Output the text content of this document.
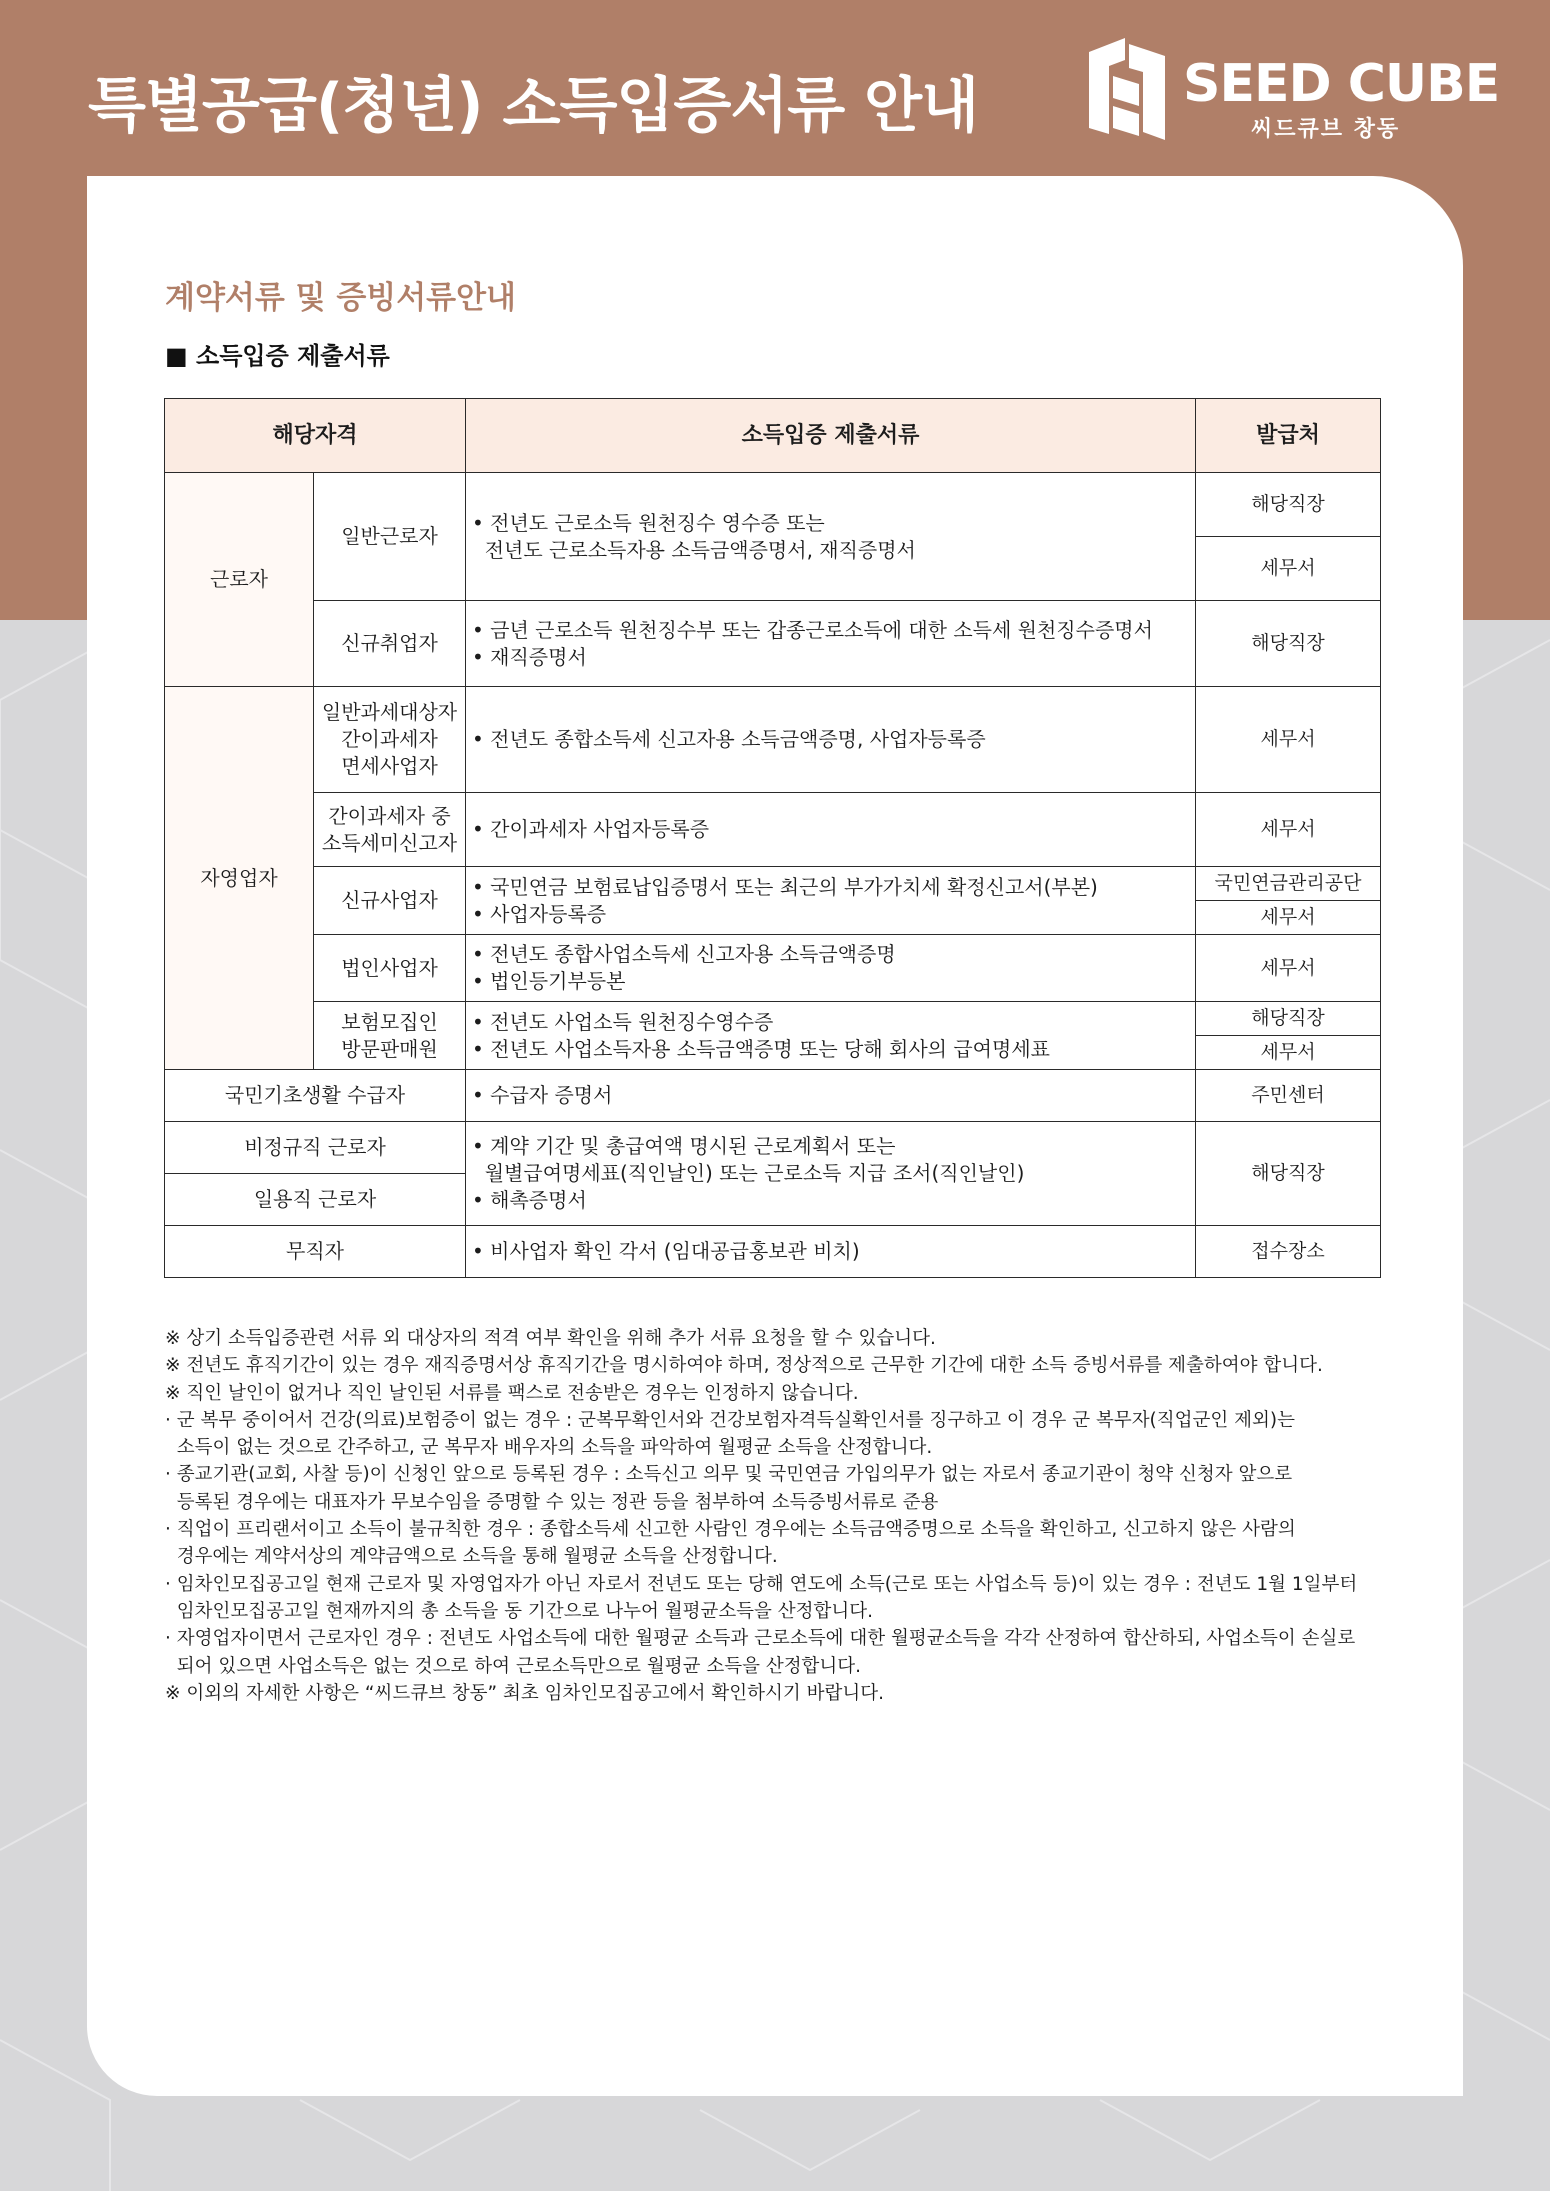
특별공급(청년) 소득입증서류 안내	SEED CUBE
씨드큐브 창동
계약서류 및 증빙서류안내
■ 소득입증 제출서류
해당자격		소득입증 제출서류	발급처
근로자	일반근로자	• 전년도 근로소득 원천징수 영수증 또는
전년도 근로소득자용 소득금액증명서, 재직증명서	해당직장
			세무서
	신규취업자	• 금년 근로소득 원천징수부 또는 갑종근로소득에 대한 소득세 원천징수증명서
• 재직증명서	해당직장
자영업자	일반과세대상자
간이과세자
면세사업자	• 전년도 종합소득세 신고자용 소득금액증명, 사업자등록증	세무서

	간이과세자 중
소득세미신고자	• 간이과세자 사업자등록증	세무서
	신규사업자	• 국민연금 보험료납입증명서 또는 최근의 부가가치세 확정신고서(부본)
• 사업자등록증	국민연금관리공단
			세무서
	법인사업자	• 전년도 종합사업소득세 신고자용 소득금액증명
• 법인등기부등본	세무서

	보험모집인
방문판매원	• 전년도 사업소득 원천징수영수증
• 전년도 사업소득자용 소득금액증명 또는 당해 회사의 급여명세표	해당직장
			세무서
국민기초생활 수급자		• 수급자 증명서	주민센터
비정규직 근로자		• 계약 기간 및 총급여액 명시된 근로계획서 또는
월별급여명세표(직인날인) 또는 근로소득 지급 조서(직인날인)
• 해촉증명서	해당직장
일용직 근로자			
무직자		• 비사업자 확인 각서 (임대공급홍보관 비치)	접수장소
※ 상기 소득입증관련 서류 외 대상자의 적격 여부 확인을 위해 추가 서류 요청을 할 수 있습니다.
※ 전년도 휴직기간이 있는 경우 재직증명서상 휴직기간을 명시하여야 하며, 정상적으로 근무한 기간에 대한 소득 증빙서류를 제출하여야 합니다.
※ 직인 날인이 없거나 직인 날인된 서류를 팩스로 전송받은 경우는 인정하지 않습니다.
· 군 복무 중이어서 건강(의료)보험증이 없는 경우 : 군복무확인서와 건강보험자격득실확인서를 징구하고 이 경우 군 복무자(직업군인 제외)는
소득이 없는 것으로 간주하고, 군 복무자 배우자의 소득을 파악하여 월평균 소득을 산정합니다.
· 종교기관(교회, 사찰 등)이 신청인 앞으로 등록된 경우 : 소득신고 의무 및 국민연금 가입의무가 없는 자로서 종교기관이 청약 신청자 앞으로
등록된 경우에는 대표자가 무보수임을 증명할 수 있는 정관 등을 첨부하여 소득증빙서류로 준용
· 직업이 프리랜서이고 소득이 불규칙한 경우 : 종합소득세 신고한 사람인 경우에는 소득금액증명으로 소득을 확인하고, 신고하지 않은 사람의
경우에는 계약서상의 계약금액으로 소득을 통해 월평균 소득을 산정합니다.
· 임차인모집공고일 현재 근로자 및 자영업자가 아닌 자로서 전년도 또는 당해 연도에 소득(근로 또는 사업소득 등)이 있는 경우 : 전년도 1월 1일부터
임차인모집공고일 현재까지의 총 소득을 동 기간으로 나누어 월평균소득을 산정합니다.
· 자영업자이면서 근로자인 경우 : 전년도 사업소득에 대한 월평균 소득과 근로소득에 대한 월평균소득을 각각 산정하여 합산하되, 사업소득이 손실로
되어 있으면 사업소득은 없는 것으로 하여 근로소득만으로 월평균 소득을 산정합니다.
※ 이외의 자세한 사항은 “씨드큐브 창동” 최초 임차인모집공고에서 확인하시기 바랍니다.
